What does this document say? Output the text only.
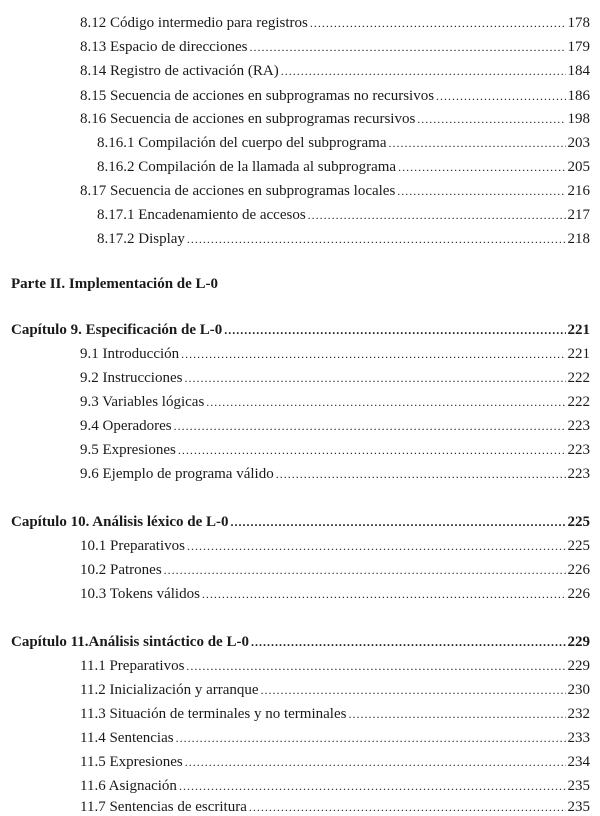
8.12 Código intermedio para registros .....	178
8.13 Espacio de direcciones .....	179
8.14 Registro de activación (RA) .....	184
8.15 Secuencia de acciones en subprogramas no recursivos .....	186
8.16 Secuencia de acciones en subprogramas recursivos .....	198
8.16.1 Compilación del cuerpo del subprograma .....	203
8.16.2 Compilación de la llamada al subprograma .....	205
8.17 Secuencia de acciones en subprogramas locales .....	216
8.17.1 Encadenamiento de accesos .....	217
8.17.2 Display .....	218
Parte II. Implementación de L-0
Capítulo 9. Especificación de L-0 .....	221
9.1 Introducción .....	221
9.2 Instrucciones .....	222
9.3 Variables lógicas .....	222
9.4 Operadores .....	223
9.5 Expresiones .....	223
9.6 Ejemplo de programa válido .....	223
Capítulo 10. Análisis léxico de L-0 .....	225
10.1 Preparativos .....	225
10.2 Patrones .....	226
10.3 Tokens válidos .....	226
Capítulo 11.Análisis sintáctico de L-0 .....	229
11.1 Preparativos .....	229
11.2 Inicialización y arranque .....	230
11.3 Situación de terminales y no terminales .....	232
11.4 Sentencias .....	233
11.5 Expresiones .....	234
11.6 Asignación .....	235
11.7 Sentencias de escritura .....	235
